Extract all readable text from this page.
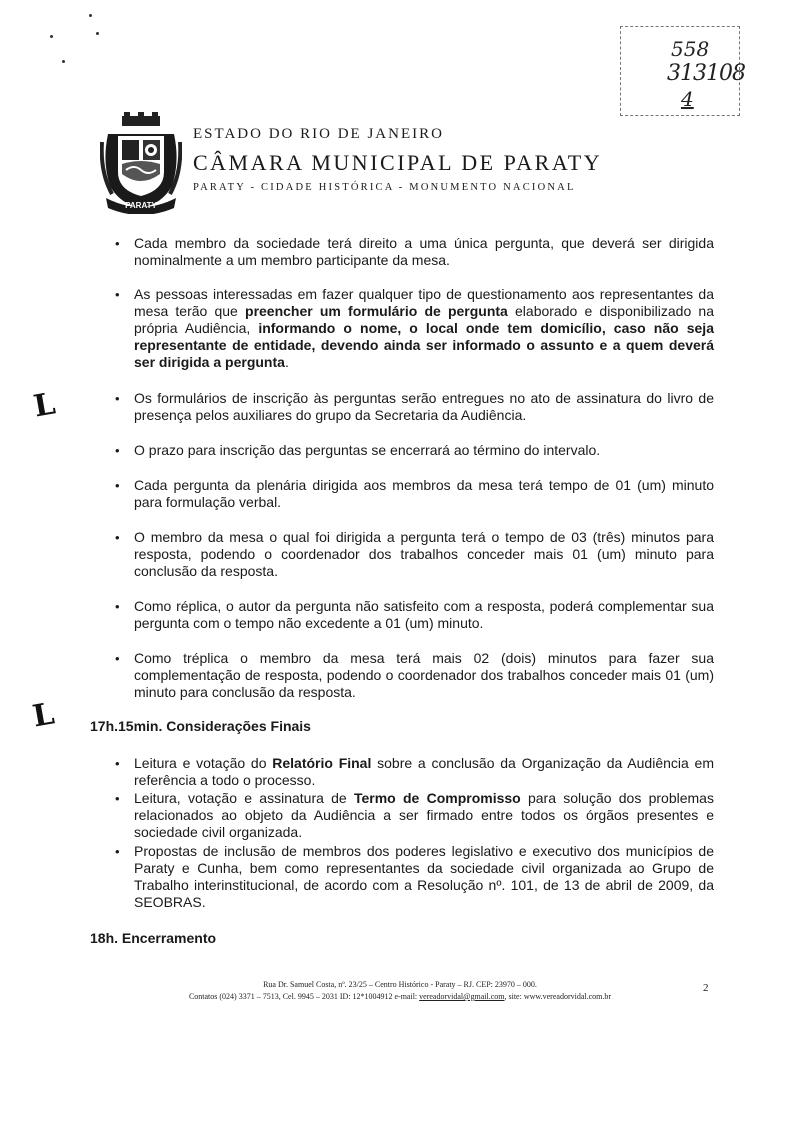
558
313108
4
PARATY
ESTADO DO RIO DE JANEIRO
CÂMARA MUNICIPAL DE PARATY
PARATY - CIDADE HISTÓRICA - MONUMENTO NACIONAL
L
L
• Cada membro da sociedade terá direito a uma única pergunta, que deverá ser dirigida nominalmente a um membro participante da mesa.
• As pessoas interessadas em fazer qualquer tipo de questionamento aos representantes da mesa terão que preencher um formulário de pergunta elaborado e disponibilizado na própria Audiência, informando o nome, o local onde tem domicílio, caso não seja representante de entidade, devendo ainda ser informado o assunto e a quem deverá ser dirigida a pergunta.
• Os formulários de inscrição às perguntas serão entregues no ato de assinatura do livro de presença pelos auxiliares do grupo da Secretaria da Audiência.
• O prazo para inscrição das perguntas se encerrará ao término do intervalo.
• Cada pergunta da plenária dirigida aos membros da mesa terá tempo de 01 (um) minuto para formulação verbal.
• O membro da mesa o qual foi dirigida a pergunta terá o tempo de 03 (três) minutos para resposta, podendo o coordenador dos trabalhos conceder mais 01 (um) minuto para conclusão da resposta.
• Como réplica, o autor da pergunta não satisfeito com a resposta, poderá complementar sua pergunta com o tempo não excedente a 01 (um) minuto.
• Como tréplica o membro da mesa terá mais 02 (dois) minutos para fazer sua complementação de resposta, podendo o coordenador dos trabalhos conceder mais 01 (um) minuto para conclusão da resposta.
17h.15min. Considerações Finais
• Leitura e votação do Relatório Final sobre a conclusão da Organização da Audiência em referência a todo o processo.
• Leitura, votação e assinatura de Termo de Compromisso para solução dos problemas relacionados ao objeto da Audiência a ser firmado entre todos os órgãos presentes e sociedade civil organizada.
• Propostas de inclusão de membros dos poderes legislativo e executivo dos municípios de Paraty e Cunha, bem como representantes da sociedade civil organizada ao Grupo de Trabalho interinstitucional, de acordo com a Resolução nº. 101, de 13 de abril de 2009, da SEOBRAS.
18h. Encerramento
Rua Dr. Samuel Costa, nº. 23/25 – Centro Histórico - Paraty – RJ. CEP: 23970 – 000.
Contatos (024) 3371 – 7513, Cel. 9945 – 2031 ID: 12*1004912 e-mail: vereadorvidal@gmail.com, site: www.vereadorvidal.com.br
2
